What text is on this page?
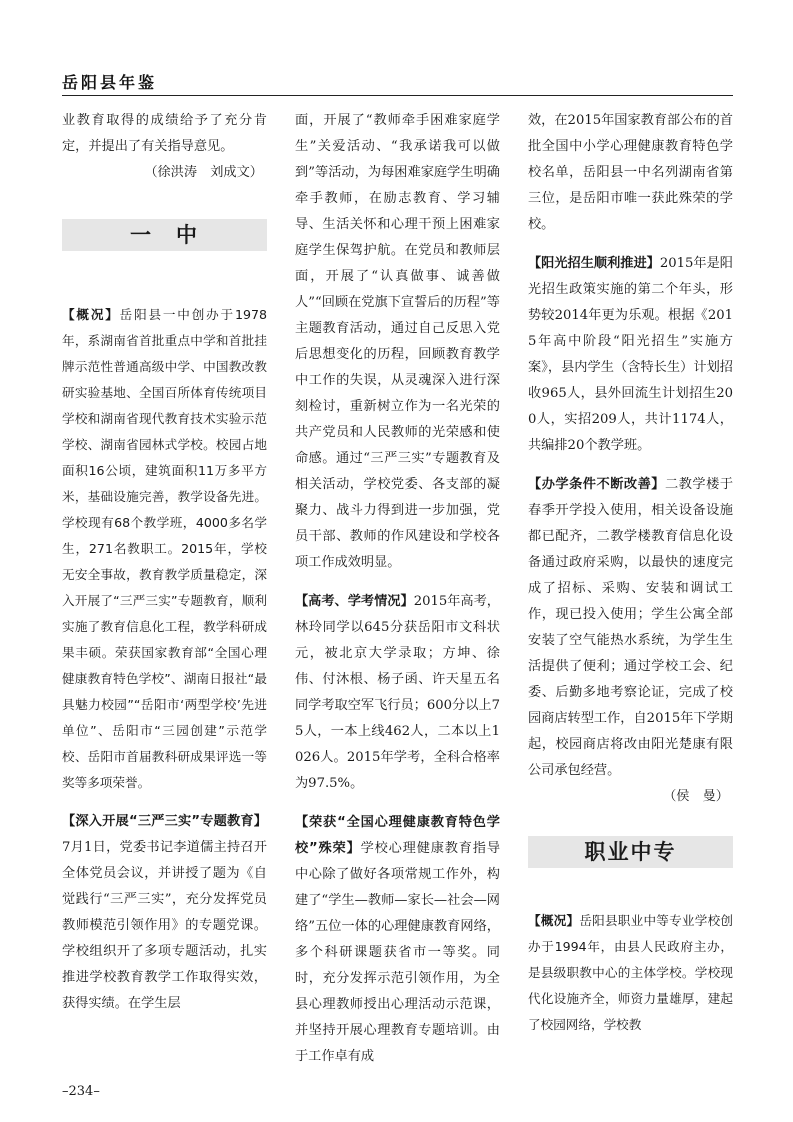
岳阳县年鉴

业教育取得的成绩给予了充分肯定，并提出了有关指导意见。

（徐洪涛　刘成文）

一　中

【概况】岳阳县一中创办于1978年，系湖南省首批重点中学和首批挂牌示范性普通高级中学、中国教改教研实验基地、全国百所体育传统项目学校和湖南省现代教育技术实验示范学校、湖南省园林式学校。校园占地面积16公顷，建筑面积11万多平方米，基础设施完善，教学设备先进。学校现有68个教学班，4000多名学生，271名教职工。2015年，学校无安全事故，教育教学质量稳定，深入开展了“三严三实”专题教育，顺利实施了教育信息化工程，教学科研成果丰硕。荣获国家教育部“全国心理健康教育特色学校”、湖南日报社“最具魅力校园”“岳阳市‘两型学校’先进单位”、岳阳市“三园创建”示范学校、岳阳市首届教科研成果评选一等奖等多项荣誉。

【深入开展“三严三实”专题教育】7月1日，党委书记李道儒主持召开全体党员会议，并讲授了题为《自觉践行“三严三实”，充分发挥党员教师模范引领作用》的专题党课。学校组织开了多项专题活动，扎实推进学校教育教学工作取得实效，获得实绩。在学生层

面，开展了“教师牵手困难家庭学生”关爱活动、“我承诺我可以做到”等活动，为每困难家庭学生明确牵手教师，在励志教育、学习辅导、生活关怀和心理干预上困难家庭学生保驾护航。在党员和教师层面，开展了“认真做事、诚善做人”“回顾在党旗下宣誓后的历程”等主题教育活动，通过自己反思入党后思想变化的历程，回顾教育教学中工作的失误，从灵魂深入进行深刻检讨，重新树立作为一名光荣的共产党员和人民教师的光荣感和使命感。通过“三严三实”专题教育及相关活动，学校党委、各支部的凝聚力、战斗力得到进一步加强，党员干部、教师的作风建设和学校各项工作成效明显。

【高考、学考情况】2015年高考，林玲同学以645分获岳阳市文科状元，被北京大学录取；方坤、徐伟、付沐根、杨子函、许天星五名同学考取空军飞行员；600分以上75人，一本上线462人，二本以上1026人。2015年学考，全科合格率为97.5%。

【荣获“全国心理健康教育特色学校”殊荣】学校心理健康教育指导中心除了做好各项常规工作外，构建了“学生—教师—家长—社会—网络”五位一体的心理健康教育网络，多个科研课题获省市一等奖。同时，充分发挥示范引领作用，为全县心理教师授出心理活动示范课，并坚持开展心理教育专题培训。由于工作卓有成

效，在2015年国家教育部公布的首批全国中小学心理健康教育特色学校名单，岳阳县一中名列湖南省第三位，是岳阳市唯一获此殊荣的学校。

【阳光招生顺利推进】2015年是阳光招生政策实施的第二个年头，形势较2014年更为乐观。根据《2015年高中阶段“阳光招生”实施方案》，县内学生（含特长生）计划招收965人，县外回流生计划招生200人，实招209人，共计1174人，共编排20个教学班。

【办学条件不断改善】二教学楼于春季开学投入使用，相关设备设施都已配齐，二教学楼教育信息化设备通过政府采购，以最快的速度完成了招标、采购、安装和调试工作，现已投入使用；学生公寓全部安装了空气能热水系统，为学生生活提供了便利；通过学校工会、纪委、后勤多地考察论证，完成了校园商店转型工作，自2015年下学期起，校园商店将改由阳光楚康有限公司承包经营。

（侯　曼）

职业中专

【概况】岳阳县职业中等专业学校创办于1994年，由县人民政府主办，是县级职教中心的主体学校。学校现代化设施齐全，师资力量雄厚，建起了校园网络，学校教

–234–
